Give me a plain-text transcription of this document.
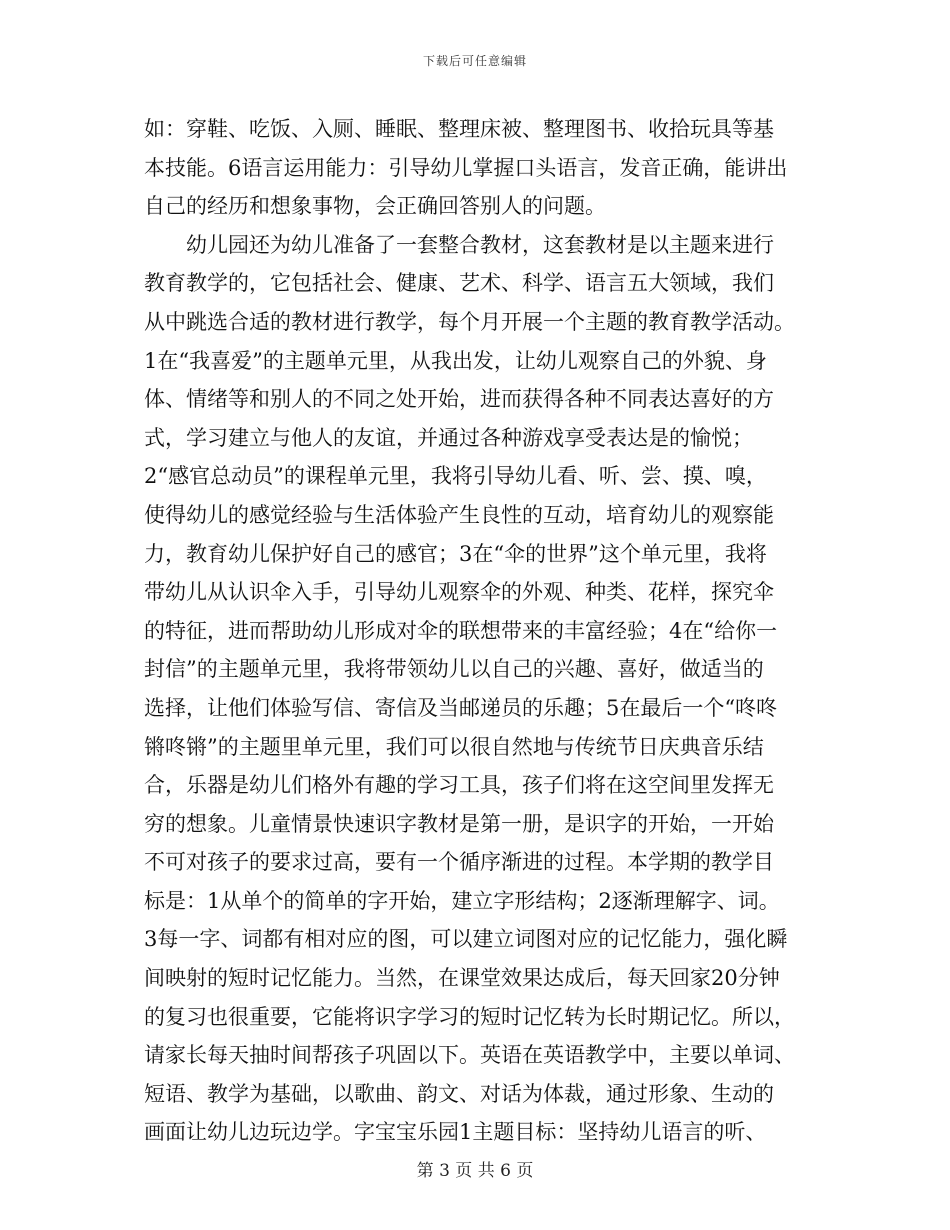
下载后可任意编辑
如：穿鞋、吃饭、入厕、睡眠、整理床被、整理图书、收拾玩具等基
本技能。6语言运用能力：引导幼儿掌握口头语言，发音正确，能讲出
自己的经历和想象事物，会正确回答别人的问题。
　　幼儿园还为幼儿准备了一套整合教材，这套教材是以主题来进行
教育教学的，它包括社会、健康、艺术、科学、语言五大领域，我们
从中跳选合适的教材进行教学，每个月开展一个主题的教育教学活动。
1在“我喜爱”的主题单元里，从我出发，让幼儿观察自己的外貌、身
体、情绪等和别人的不同之处开始，进而获得各种不同表达喜好的方
式，学习建立与他人的友谊，并通过各种游戏享受表达是的愉悦；
2“感官总动员”的课程单元里，我将引导幼儿看、听、尝、摸、嗅，
使得幼儿的感觉经验与生活体验产生良性的互动，培育幼儿的观察能
力，教育幼儿保护好自己的感官；3在“伞的世界”这个单元里，我将
带幼儿从认识伞入手，引导幼儿观察伞的外观、种类、花样，探究伞
的特征，进而帮助幼儿形成对伞的联想带来的丰富经验；4在“给你一
封信”的主题单元里，我将带领幼儿以自己的兴趣、喜好，做适当的
选择，让他们体验写信、寄信及当邮递员的乐趣；5在最后一个“咚咚
锵咚锵”的主题里单元里，我们可以很自然地与传统节日庆典音乐结
合，乐器是幼儿们格外有趣的学习工具，孩子们将在这空间里发挥无
穷的想象。儿童情景快速识字教材是第一册，是识字的开始，一开始
不可对孩子的要求过高，要有一个循序渐进的过程。本学期的教学目
标是：1从单个的简单的字开始，建立字形结构；2逐渐理解字、词。
3每一字、词都有相对应的图，可以建立词图对应的记忆能力，强化瞬
间映射的短时记忆能力。当然，在课堂效果达成后，每天回家20分钟
的复习也很重要，它能将识字学习的短时记忆转为长时期记忆。所以，
请家长每天抽时间帮孩子巩固以下。英语在英语教学中，主要以单词、
短语、教学为基础，以歌曲、韵文、对话为体裁，通过形象、生动的
画面让幼儿边玩边学。字宝宝乐园1主题目标：坚持幼儿语言的听、
第 3 页 共 6 页
